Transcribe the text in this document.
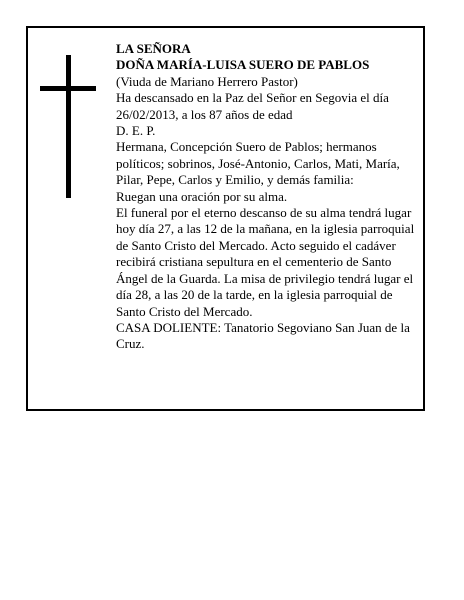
LA SEÑORA

DOÑA MARÍA-LUISA SUERO DE PABLOS

(Viuda de Mariano Herrero Pastor)

Ha descansado en la Paz del Señor en Segovia el día 26/02/2013, a los 87 años de edad

D. E. P.

Hermana, Concepción Suero de Pablos; hermanos políticos; sobrinos, José-Antonio, Carlos, Mati, María, Pilar, Pepe, Carlos y Emilio, y demás familia:

Ruegan una oración por su alma.

El funeral por el eterno descanso de su alma tendrá lugar hoy día 27, a las 12 de la mañana, en la iglesia parroquial de Santo Cristo del Mercado. Acto seguido el cadáver recibirá cristiana sepultura en el cementerio de Santo Ángel de la Guarda. La misa de privilegio tendrá lugar el día 28, a las 20 de la tarde, en la iglesia parroquial de Santo Cristo del Mercado.

CASA DOLIENTE: Tanatorio Segoviano San Juan de la Cruz.
